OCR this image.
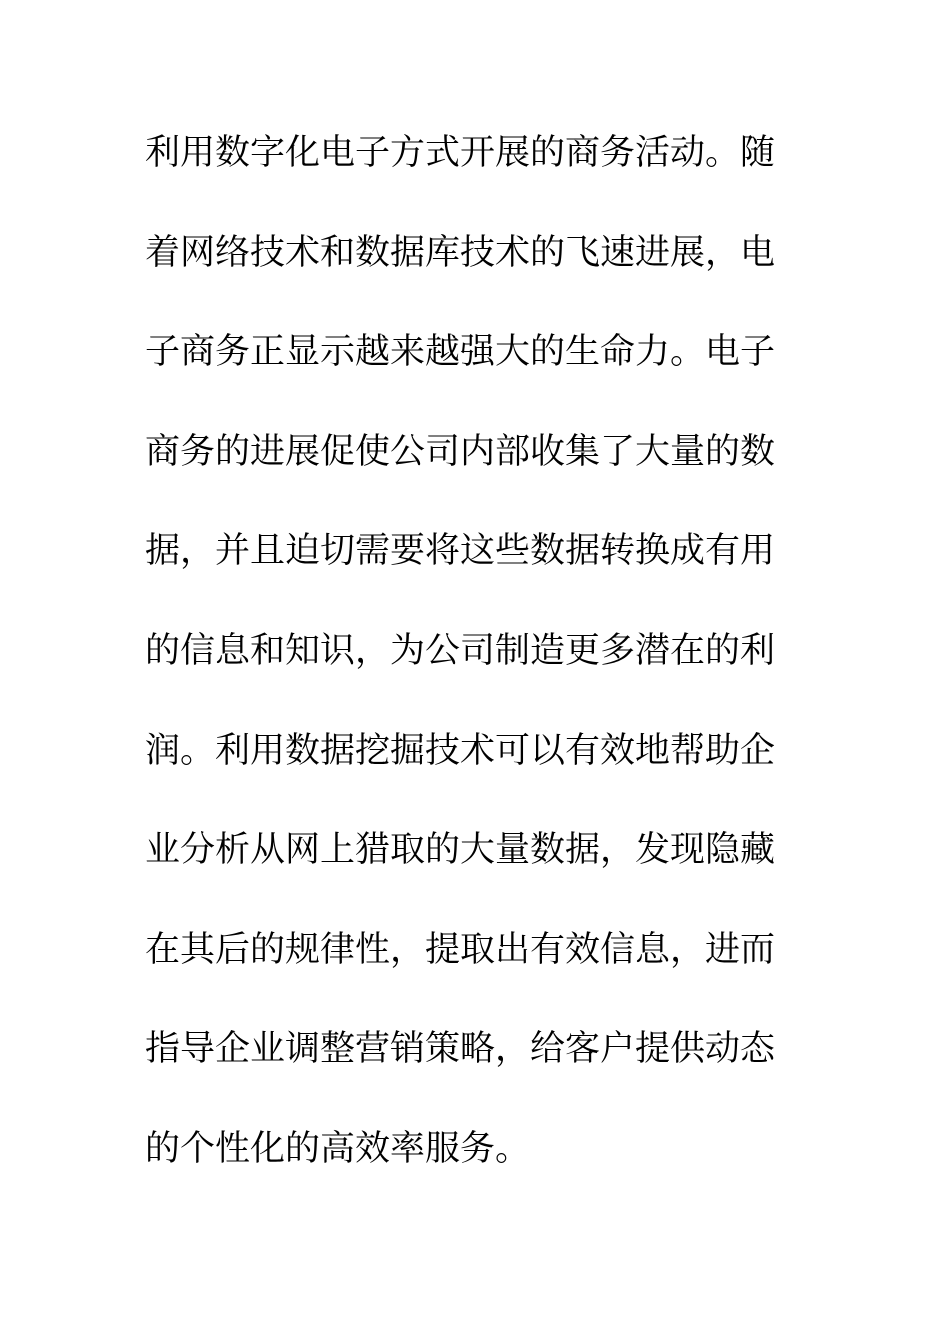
利用数字化电子方式开展的商务活动。随
着网络技术和数据库技术的飞速进展，电
子商务正显示越来越强大的生命力。电子
商务的进展促使公司内部收集了大量的数
据，并且迫切需要将这些数据转换成有用
的信息和知识，为公司制造更多潜在的利
润。利用数据挖掘技术可以有效地帮助企
业分析从网上猎取的大量数据，发现隐藏
在其后的规律性，提取出有效信息，进而
指导企业调整营销策略，给客户提供动态
的个性化的高效率服务。
